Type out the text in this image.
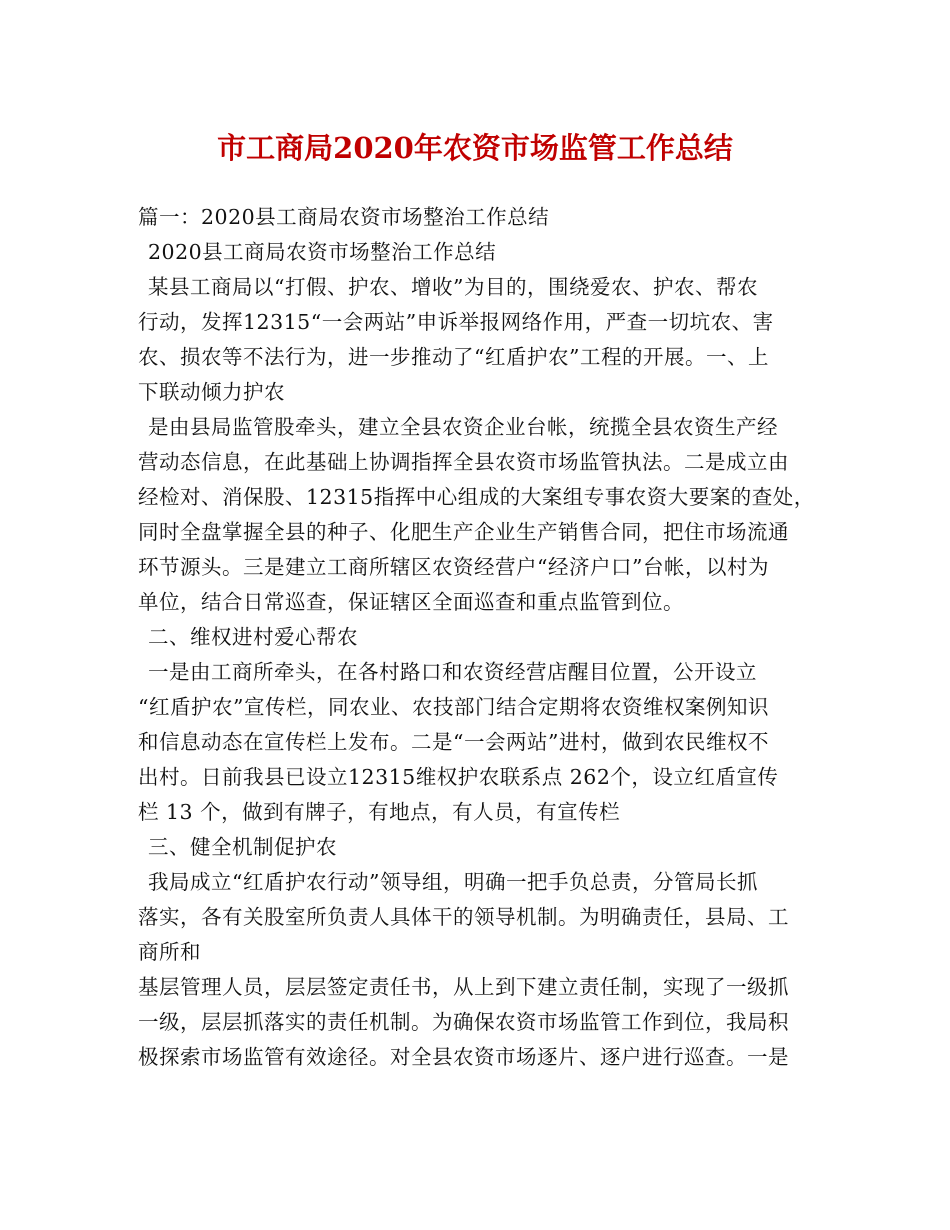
市工商局2020年农资市场监管工作总结
篇一：2020县工商局农资市场整治工作总结
2020县工商局农资市场整治工作总结
某县工商局以“打假、护农、增收”为目的，围绕爱农、护农、帮农
行动，发挥12315“一会两站”申诉举报网络作用，严查一切坑农、害
农、损农等不法行为，进一步推动了“红盾护农”工程的开展。一、上
下联动倾力护农
是由县局监管股牵头，建立全县农资企业台帐，统揽全县农资生产经
营动态信息，在此基础上协调指挥全县农资市场监管执法。二是成立由
经检对、消保股、12315指挥中心组成的大案组专事农资大要案的查处，
同时全盘掌握全县的种子、化肥生产企业生产销售合同，把住市场流通
环节源头。三是建立工商所辖区农资经营户“经济户口”台帐，以村为
单位，结合日常巡查，保证辖区全面巡查和重点监管到位。
二、维权进村爱心帮农
一是由工商所牵头，在各村路口和农资经营店醒目位置，公开设立
“红盾护农”宣传栏，同农业、农技部门结合定期将农资维权案例知识
和信息动态在宣传栏上发布。二是“一会两站”进村，做到农民维权不
出村。日前我县已设立12315维权护农联系点 262个，设立红盾宣传
栏 13 个，做到有牌子，有地点，有人员，有宣传栏
三、健全机制促护农
我局成立“红盾护农行动”领导组，明确一把手负总责，分管局长抓
落实，各有关股室所负责人具体干的领导机制。为明确责任，县局、工
商所和
基层管理人员，层层签定责任书，从上到下建立责任制，实现了一级抓
一级，层层抓落实的责任机制。为确保农资市场监管工作到位，我局积
极探索市场监管有效途径。对全县农资市场逐片、逐户进行巡查。一是
